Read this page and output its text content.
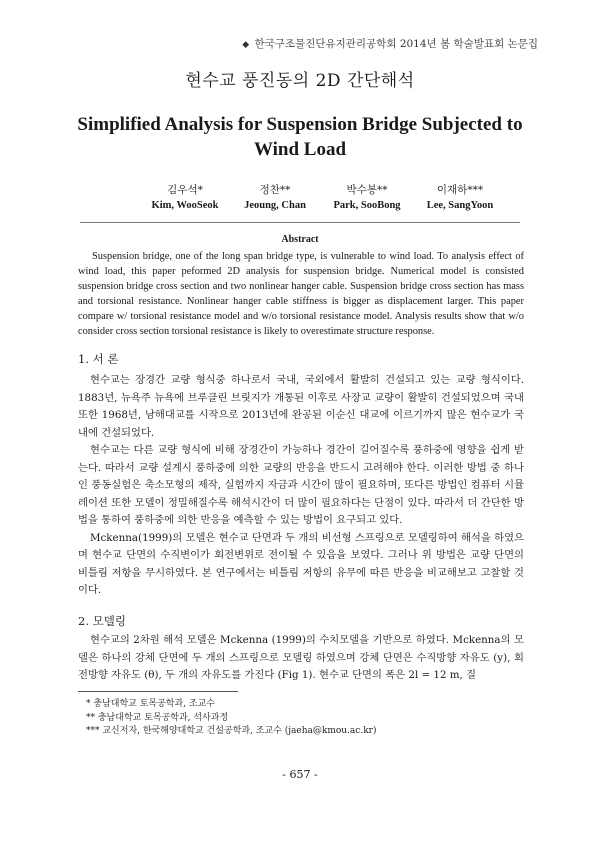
◆ 한국구조물진단유지관리공학회 2014년 봄 학술발표회 논문집
현수교 풍진동의 2D 간단해석
Simplified Analysis for Suspension Bridge Subjected to Wind Load
김우석*
Kim, WooSeok
정찬**
Jeoung, Chan
박수봉**
Park, SooBong
이재하***
Lee, SangYoon
Abstract

Suspension bridge, one of the long span bridge type, is vulnerable to wind load. To analysis effect of wind load, this paper peformed 2D analysis for suspension bridge. Numerical model is consisted suspension bridge cross section and two nonlinear hanger cable. Suspension bridge cross section has mass and torsional resistance. Nonlinear hanger cable stiffness is bigger as displacement larger. This paper compare w/ torsional resistance model and w/o torsional resistance model. Analysis results show that w/o consider cross section torsional resistance is likely to overestimate structure response.

1. 서 론

현수교는 장경간 교량 형식중 하나로서 국내, 국외에서 활발히 건설되고 있는 교량 형식이다. 1883년, 뉴욕주 뉴욕에 브루클린 브릿지가 개통된 이후로 사장교 교량이 활발히 건설되었으며 국내 또한 1968년, 남해대교를 시작으로 2013년에 완공된 이순신 대교에 이르기까지 많은 현수교가 국내에 건설되었다.

현수교는 다른 교량 형식에 비해 장경간이 가능하나 경간이 길어질수록 풍하중에 영향을 쉽게 받는다. 따라서 교량 설계시 풍하중에 의한 교량의 반응을 반드시 고려해야 한다. 이러한 방법 중 하나인 풍동실험은 축소모형의 제작, 실험까지 자금과 시간이 많이 필요하며, 또다른 방법인 컴퓨터 시뮬레이션 또한 모델이 정밀해질수록 해석시간이 더 많이 필요하다는 단점이 있다. 따라서 더 간단한 방법을 통하여 풍하중에 의한 반응을 예측할 수 있는 방법이 요구되고 있다.

Mckenna(1999)의 모델은 현수교 단면과 두 개의 비선형 스프링으로 모델링하여 해석을 하였으며 현수교 단면의 수직변이가 회전변위로 전이될 수 있음을 보였다. 그러나 위 방법은 교량 단면의 비틀림 저항을 무시하였다. 본 연구에서는 비틀림 저항의 유무에 따른 반응을 비교해보고 고찰할 것이다.

2. 모델링

현수교의 2차원 해석 모델은 Mckenna (1999)의 수치모델을 기반으로 하였다. Mckenna의 모델은 하나의 강체 단면에 두 개의 스프링으로 모델링 하였으며 강체 단면은 수직방향 자유도 (y), 회전방향 자유도 (θ), 두 개의 자유도를 가진다 (Fig 1). 현수교 단면의 폭은 2l = 12 m, 질

* 충남대학교 토목공학과, 조교수
** 충남대학교 토목공학과, 석사과정
*** 교신저자, 한국해양대학교 건설공학과, 조교수 (jaeha@kmou.ac.kr)
- 657 -
